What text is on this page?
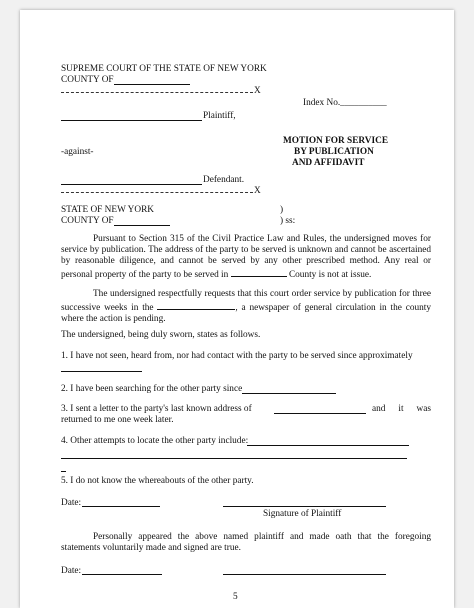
SUPREME COURT OF THE STATE OF NEW YORK
COUNTY OF
X
Index No.__________
Plaintiff,
-against-
MOTION FOR SERVICE
BY PUBLICATION
AND AFFIDAVIT
Defendant.
X
STATE OF NEW YORK	)
COUNTY OF	) ss:
Pursuant to Section 315 of the Civil Practice Law and Rules, the undersigned moves for service by publication. The address of the party to be served is unknown and cannot be ascertained by reasonable diligence, and cannot be served by any other prescribed method. Any real or personal property of the party to be served in	County is not at issue.
The undersigned respectfully requests that this court order service by publication for three successive weeks in the	, a newspaper of general circulation in the county where the action is pending.
The undersigned, being duly sworn, states as follows.
1. I have not seen, heard from, nor had contact with the party to be served since approximately
2. I have been searching for the other party since
3. I sent a letter to the party's last known address of	and it was returned to me one week later.
4. Other attempts to locate the other party include:
5. I do not know the whereabouts of the other party.
Date:
Signature of Plaintiff
Personally appeared the above named plaintiff and made oath that the foregoing statements voluntarily made and signed are true.
Date:
5
